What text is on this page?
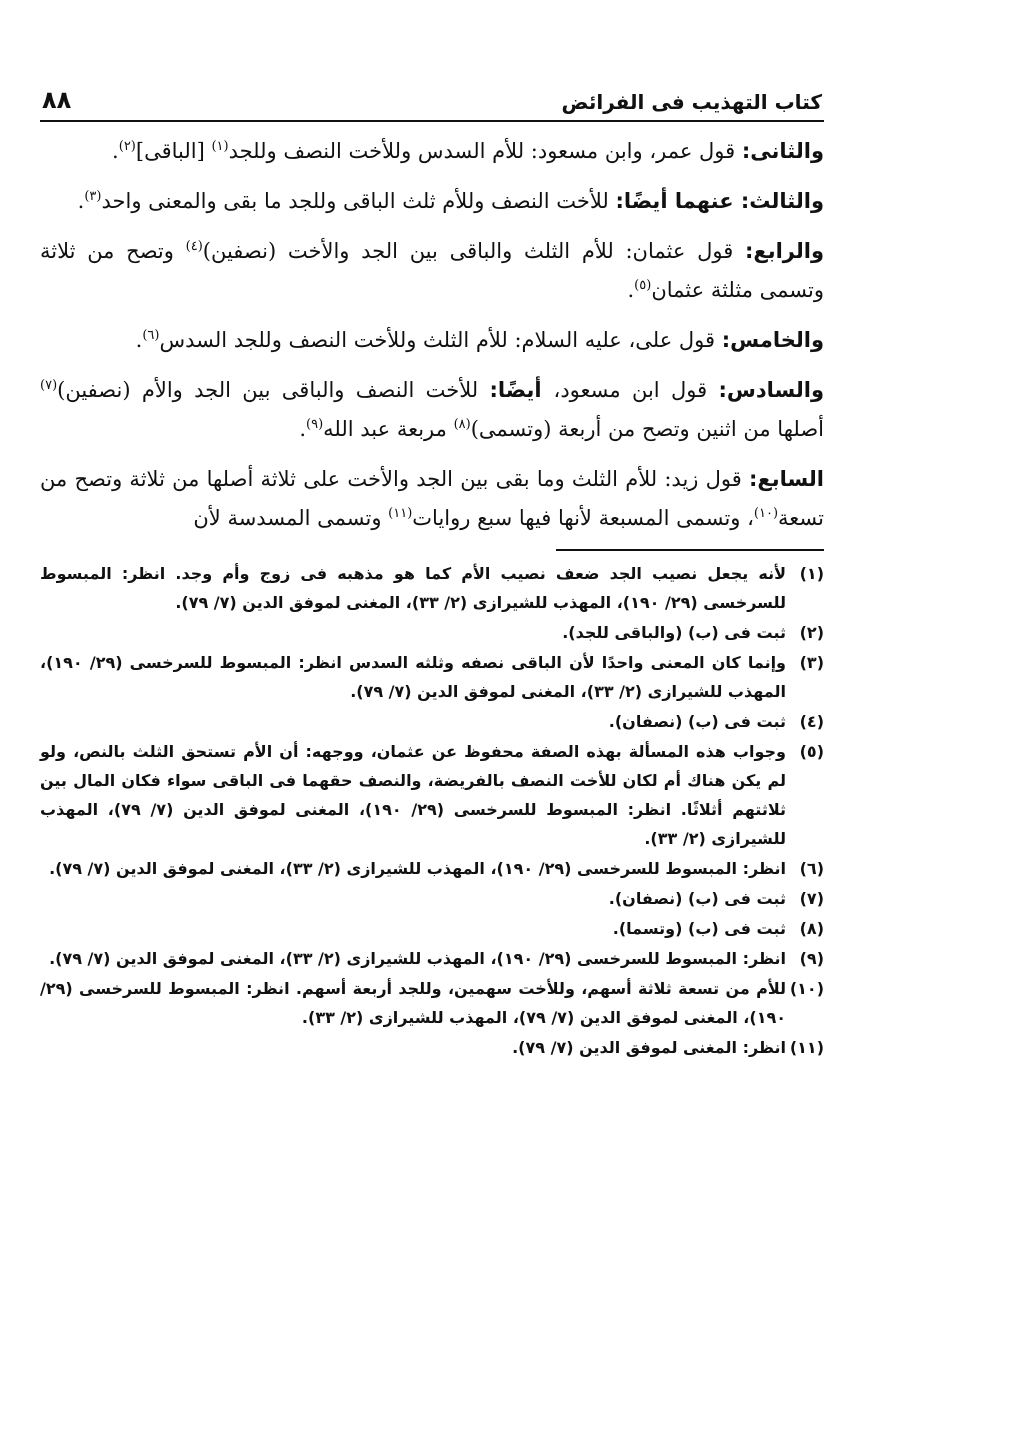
كتاب التهذيب فى الفرائض
٨٨

والثانى: قول عمر، وابن مسعود: للأم السدس وللأخت النصف وللجد$^{(١)}$ [الباقى]$^{(٢)}$.

والثالث: عنهما أيضًا: للأخت النصف وللأم ثلث الباقى وللجد ما بقى والمعنى واحد$^{(٣)}$.

والرابع: قول عثمان: للأم الثلث والباقى بين الجد والأخت (نصفين)$^{(٤)}$ وتصح من ثلاثة وتسمى مثلثة عثمان$^{(٥)}$.

والخامس: قول على، عليه السلام: للأم الثلث وللأخت النصف وللجد السدس$^{(٦)}$.

والسادس: قول ابن مسعود، أيضًا: للأخت النصف والباقى بين الجد والأم (نصفين)$^{(٧)}$ أصلها من اثنين وتصح من أربعة (وتسمى)$^{(٨)}$ مربعة عبد الله$^{(٩)}$.

السابع: قول زيد: للأم الثلث وما بقى بين الجد والأخت على ثلاثة أصلها من ثلاثة وتصح من تسعة$^{(١٠)}$، وتسمى المسبعة لأنها فيها سبع روايات$^{(١١)}$ وتسمى المسدسة لأن

(١)
لأنه يجعل نصيب الجد ضعف نصيب الأم كما هو مذهبه فى زوج وأم وجد. انظر: المبسوط للسرخسى (٢٩/ ١٩٠)، المهذب للشيرازى (٢/ ٣٣)، المغنى لموفق الدين (٧/ ٧٩).
(٢)
ثبت فى (ب) (والباقى للجد).
(٣)
وإنما كان المعنى واحدًا لأن الباقى نصفه وثلثه السدس انظر: المبسوط للسرخسى (٢٩/ ١٩٠)، المهذب للشيرازى (٢/ ٣٣)، المغنى لموفق الدين (٧/ ٧٩).
(٤)
ثبت فى (ب) (نصفان).
(٥)
وجواب هذه المسألة بهذه الصفة محفوظ عن عثمان، ووجهه: أن الأم تستحق الثلث بالنص، ولو لم يكن هناك أم لكان للأخت النصف بالفريضة، والنصف حقهما فى الباقى سواء فكان المال بين ثلاثتهم أثلاثًا. انظر: المبسوط للسرخسى (٢٩/ ١٩٠)، المغنى لموفق الدين (٧/ ٧٩)، المهذب للشيرازى (٢/ ٣٣).
(٦)
انظر: المبسوط للسرخسى (٢٩/ ١٩٠)، المهذب للشيرازى (٢/ ٣٣)، المغنى لموفق الدين (٧/ ٧٩).
(٧)
ثبت فى (ب) (نصفان).
(٨)
ثبت فى (ب) (وتسما).
(٩)
انظر: المبسوط للسرخسى (٢٩/ ١٩٠)، المهذب للشيرازى (٢/ ٣٣)، المغنى لموفق الدين (٧/ ٧٩).
(١٠)
للأم من تسعة ثلاثة أسهم، وللأخت سهمين، وللجد أربعة أسهم. انظر: المبسوط للسرخسى (٢٩/ ١٩٠)، المغنى لموفق الدين (٧/ ٧٩)، المهذب للشيرازى (٢/ ٣٣).
(١١)
انظر: المغنى لموفق الدين (٧/ ٧٩).
